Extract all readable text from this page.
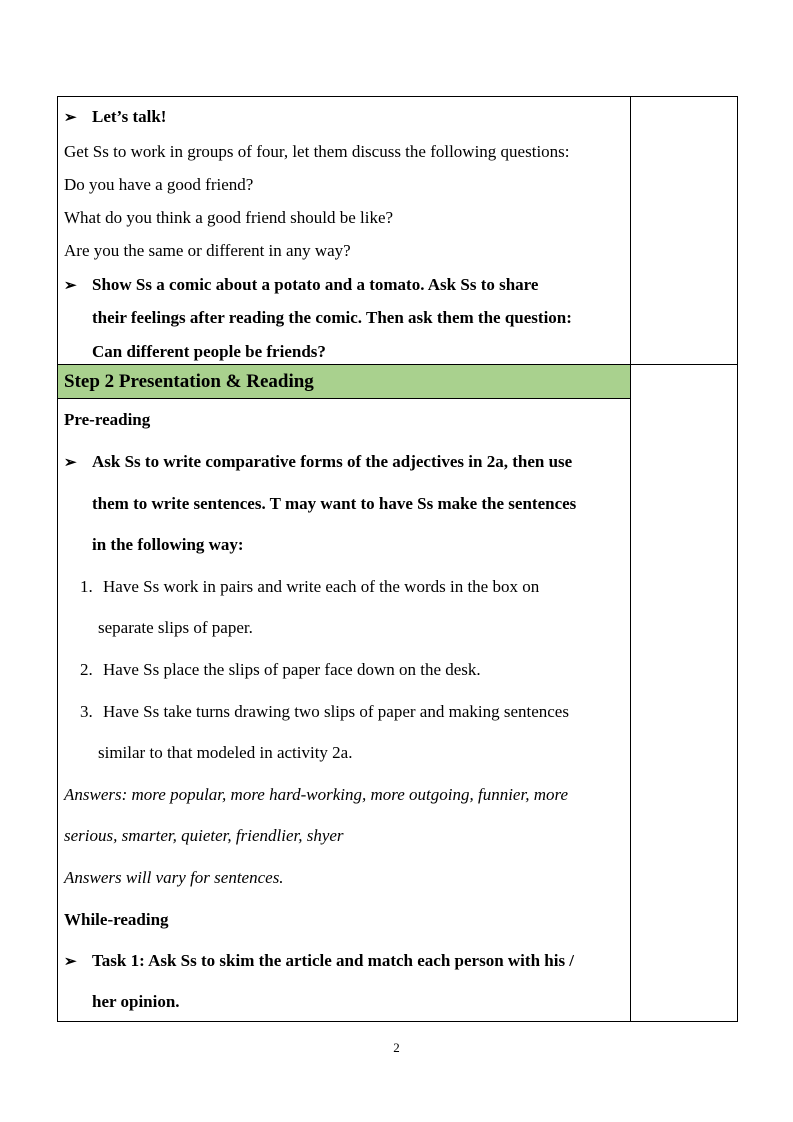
➢ Let’s talk!
Get Ss to work in groups of four, let them discuss the following questions:
Do you have a good friend?
What do you think a good friend should be like?
Are you the same or different in any way?
➢ Show Ss a comic about a potato and a tomato. Ask Ss to share
their feelings after reading the comic. Then ask them the question:
Can different people be friends?
Step 2 Presentation & Reading
Pre-reading
➢ Ask Ss to write comparative forms of the adjectives in 2a, then use
them to write sentences. T may want to have Ss make the sentences
in the following way:
1. Have Ss work in pairs and write each of the words in the box on
separate slips of paper.
2. Have Ss place the slips of paper face down on the desk.
3. Have Ss take turns drawing two slips of paper and making sentences
similar to that modeled in activity 2a.
Answers: more popular, more hard-working, more outgoing, funnier, more
serious, smarter, quieter, friendlier, shyer
Answers will vary for sentences.
While-reading
➢ Task 1: Ask Ss to skim the article and match each person with his /
her opinion.
2
